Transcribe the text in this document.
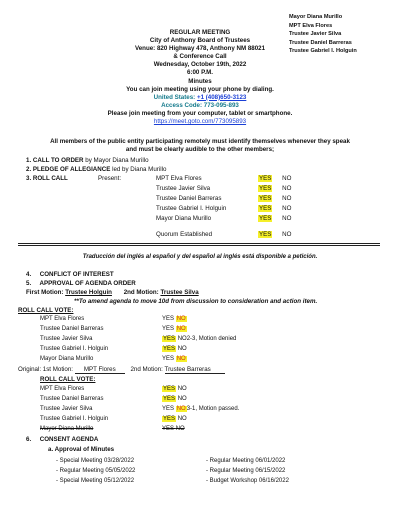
Mayor Diana Murillo
MPT Elva Flores
Trustee Javier Silva
Trustee Daniel Barreras
Trustee Gabriel I. Holguin
REGULAR MEETING
City of Anthony Board of Trustees
Venue: 820 Highway 478, Anthony NM 88021
& Conference Call
Wednesday, October 19th, 2022
6:00 P.M.
Minutes
You can join meeting using your phone by dialing.
United States: +1 (408)650-3123
Access Code: 773-095-893
Please join meeting from your computer, tablet or smartphone.
https://meet.goto.com/773095893
All members of the public entity participating remotely must identify themselves whenever they speak
and must be clearly audible to the other members;
1. CALL TO ORDER by Mayor Diana Murillo
2. PLEDGE OF ALLEGIANCE led by Diana Murillo
3. ROLL CALL	Present:	MPT Elva Flores	YES NO
Trustee Javier Silva	YES NO
Trustee Daniel Barreras	YES NO
Trustee Gabriel I. Holguin	YES NO
Mayor Diana Murillo	YES NO
Quorum Established	YES NO
Traducción del inglés al español y del español al inglés está disponible a petición.
4.     CONFLICT OF INTEREST
5.     APPROVAL OF AGENDA ORDER
First Motion: Trustee Holguin 2nd Motion: Trustee Silva
**To amend agenda to move 10d from discussion to consideration and action item.
ROLL CALL VOTE:
MPT Elva Flores	YES NO
Trustee Daniel Barreras	YES NO
Trustee Javier Silva	YES NO2-3, Motion denied
Trustee Gabriel I. Holguin	YES NO
Mayor Diana Murillo	YES NO
Original: 1st Motion: MPT Flores 2nd Motion: Trustee Barreras
ROLL CALL VOTE:
MPT Elva Flores	YES NO
Trustee Daniel Barreras	YES NO
Trustee Javier Silva	YES NO3-1, Motion passed.
Trustee Gabriel I. Holguin	YES NO
Mayor Diana Murillo	YES NO
6.     CONSENT AGENDA
a. Approval of Minutes
- Special Meeting 03/28/2022
- Regular Meeting 05/05/2022
- Special Meeting 05/12/2022
- Regular Meeting 06/01/2022
- Regular Meeting 06/15/2022
- Budget Workshop 06/16/2022
